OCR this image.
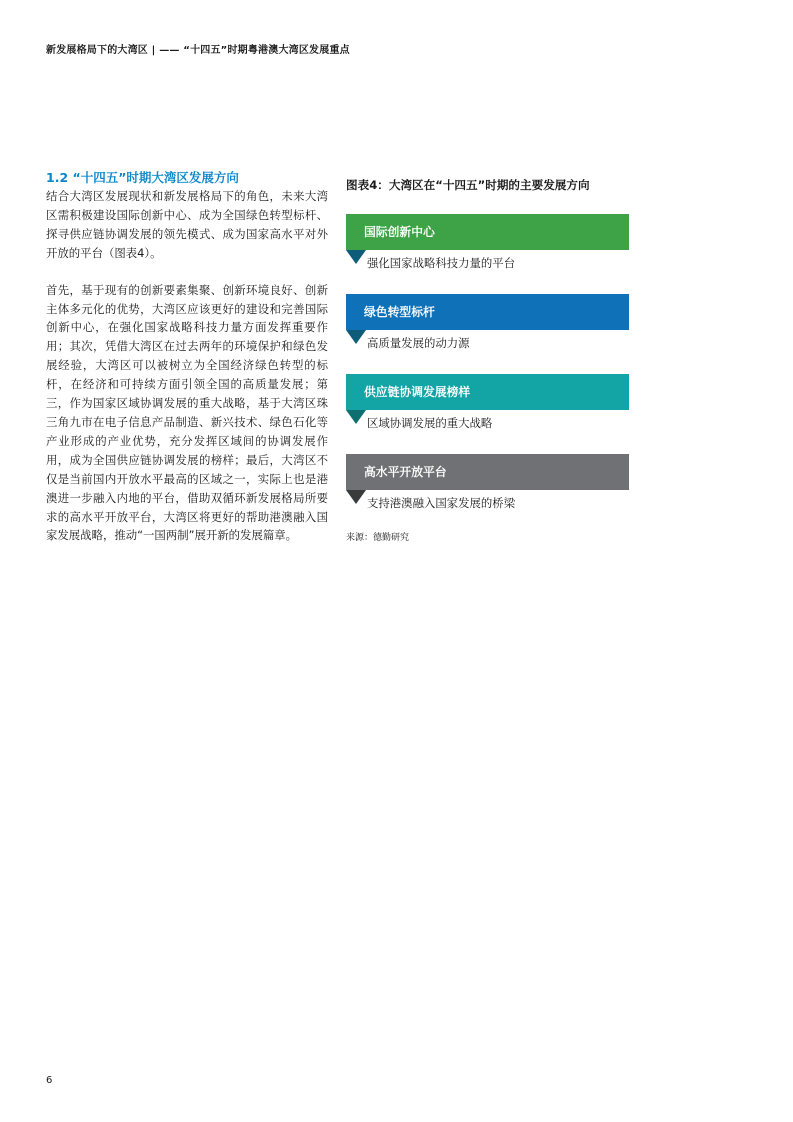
新发展格局下的大湾区 | —— “十四五”时期粤港澳大湾区发展重点
1.2 “十四五”时期大湾区发展方向

结合大湾区发展现状和新发展格局下的角色，未来大湾区需积极建设国际创新中心、成为全国绿色转型标杆、探寻供应链协调发展的领先模式、成为国家高水平对外开放的平台（图表4）。

首先，基于现有的创新要素集聚、创新环境良好、创新主体多元化的优势，大湾区应该更好的建设和完善国际创新中心，在强化国家战略科技力量方面发挥重要作用；其次，凭借大湾区在过去两年的环境保护和绿色发展经验，大湾区可以被树立为全国经济绿色转型的标杆，在经济和可持续方面引领全国的高质量发展；第三，作为国家区域协调发展的重大战略，基于大湾区珠三角九市在电子信息产品制造、新兴技术、绿色石化等产业形成的产业优势，充分发挥区域间的协调发展作用，成为全国供应链协调发展的榜样；最后，大湾区不仅是当前国内开放水平最高的区域之一，实际上也是港澳进一步融入内地的平台，借助双循环新发展格局所要求的高水平开放平台，大湾区将更好的帮助港澳融入国家发展战略，推动“一国两制”展开新的发展篇章。

图表4：大湾区在“十四五”时期的主要发展方向
国际创新中心
强化国家战略科技力量的平台
绿色转型标杆
高质量发展的动力源
供应链协调发展榜样
区域协调发展的重大战略
高水平开放平台
支持港澳融入国家发展的桥梁
来源：德勤研究
6
